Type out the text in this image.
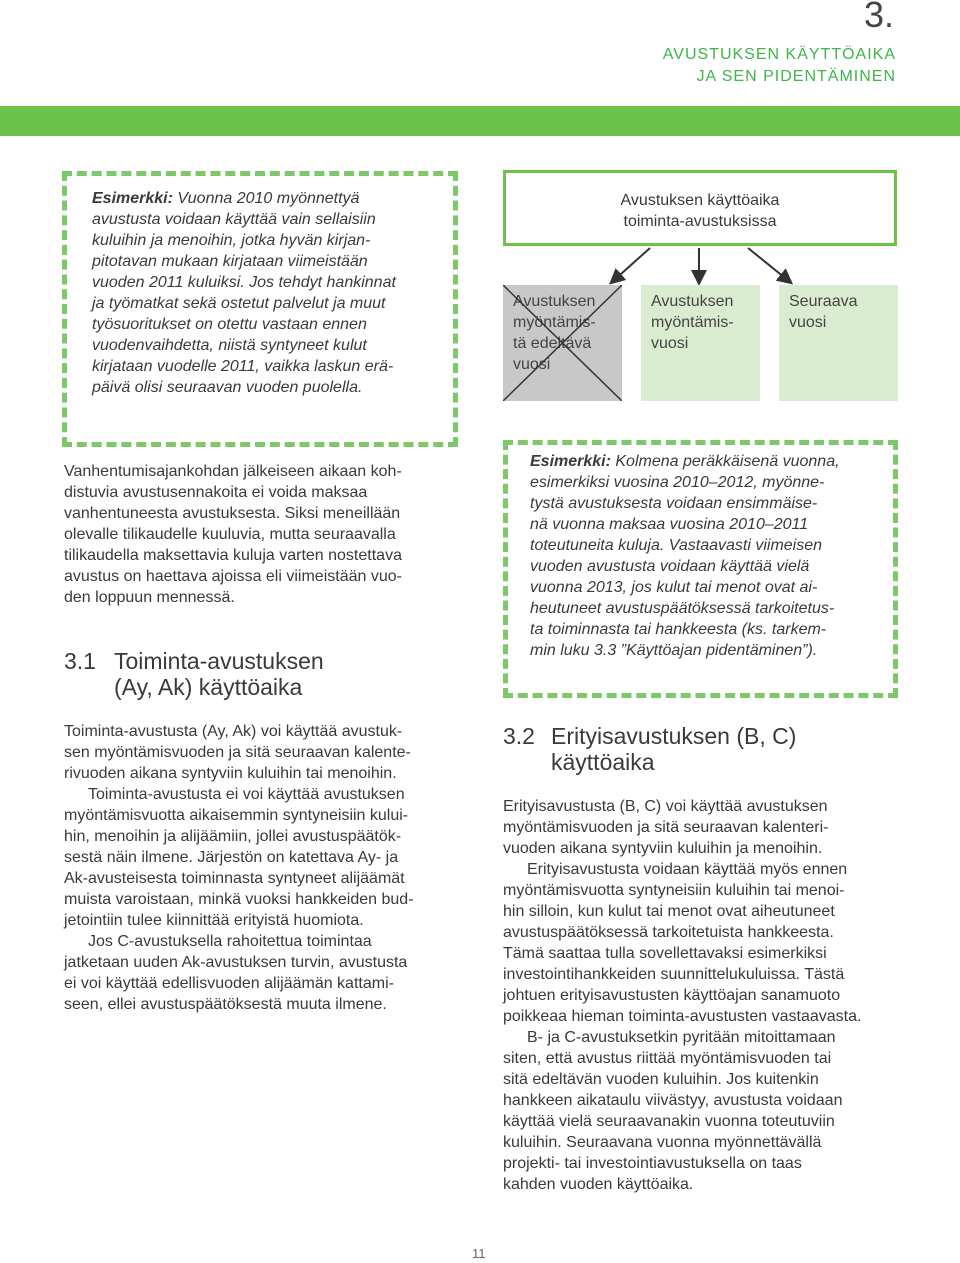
3.
AVUSTUKSEN KÄYTTÖAIKA
JA SEN PIDENTÄMINEN
Esimerkki: Vuonna 2010 myönnettyä
avustusta voidaan käyttää vain sellaisiin
kuluihin ja menoihin, jotka hyvän kirjan-
pitotavan mukaan kirjataan viimeistään
vuoden 2011 kuluiksi. Jos tehdyt hankinnat
ja työmatkat sekä ostetut palvelut ja muut
työsuoritukset on otettu vastaan ennen
vuodenvaihdetta, niistä syntyneet kulut
kirjataan vuodelle 2011, vaikka laskun erä-
päivä olisi seuraavan vuoden puolella.
Avustuksen käyttöaika
toiminta-avustuksissa
Avustuksen
myöntämis-
tä edeltävä
vuosi
Avustuksen
myöntämis-
vuosi
Seuraava
vuosi
Vanhentumisajankohdan jälkeiseen aikaan koh-
distuvia avustusennakoita ei voida maksaa
vanhentuneesta avustuksesta. Siksi meneillään
olevalle tilikaudelle kuuluvia, mutta seuraavalla
tilikaudella maksettavia kuluja varten nostettava
avustus on haettava ajoissa eli viimeistään vuo-
den loppuun mennessä.
3.1 Toiminta-avustuksen
(Ay, Ak) käyttöaika
Toiminta-avustusta (Ay, Ak) voi käyttää avustuk-
sen myöntämisvuoden ja sitä seuraavan kalente-
rivuoden aikana syntyviin kuluihin tai menoihin.
Toiminta-avustusta ei voi käyttää avustuksen
myöntämisvuotta aikaisemmin syntyneisiin kului-
hin, menoihin ja alijäämiin, jollei avustuspäätök-
sestä näin ilmene. Järjestön on katettava Ay- ja
Ak-avusteisesta toiminnasta syntyneet alijäämät
muista varoistaan, minkä vuoksi hankkeiden bud-
jetointiin tulee kiinnittää erityistä huomiota.
Jos C-avustuksella rahoitettua toimintaa
jatketaan uuden Ak-avustuksen turvin, avustusta
ei voi käyttää edellisvuoden alijäämän kattami-
seen, ellei avustuspäätöksestä muuta ilmene.
Esimerkki: Kolmena peräkkäisenä vuonna,
esimerkiksi vuosina 2010–2012, myönne-
tystä avustuksesta voidaan ensimmäise-
nä vuonna maksaa vuosina 2010–2011
toteutuneita kuluja. Vastaavasti viimeisen
vuoden avustusta voidaan käyttää vielä
vuonna 2013, jos kulut tai menot ovat ai-
heutuneet avustuspäätöksessä tarkoitetus-
ta toiminnasta tai hankkeesta (ks. tarkem-
min luku 3.3 ”Käyttöajan pidentäminen”).
3.2 Erityisavustuksen (B, C)
käyttöaika
Erityisavustusta (B, C) voi käyttää avustuksen
myöntämisvuoden ja sitä seuraavan kalenteri-
vuoden aikana syntyviin kuluihin ja menoihin.
Erityisavustusta voidaan käyttää myös ennen
myöntämisvuotta syntyneisiin kuluihin tai menoi-
hin silloin, kun kulut tai menot ovat aiheutuneet
avustuspäätöksessä tarkoitetuista hankkeesta.
Tämä saattaa tulla sovellettavaksi esimerkiksi
investointihankkeiden suunnittelukuluissa. Tästä
johtuen erityisavustusten käyttöajan sanamuoto
poikkeaa hieman toiminta-avustusten vastaavasta.
B- ja C-avustuksetkin pyritään mitoittamaan
siten, että avustus riittää myöntämisvuoden tai
sitä edeltävän vuoden kuluihin. Jos kuitenkin
hankkeen aikataulu viivästyy, avustusta voidaan
käyttää vielä seuraavanakin vuonna toteutuviin
kuluihin. Seuraavana vuonna myönnettävällä
projekti- tai investointiavustuksella on taas
kahden vuoden käyttöaika.
11
